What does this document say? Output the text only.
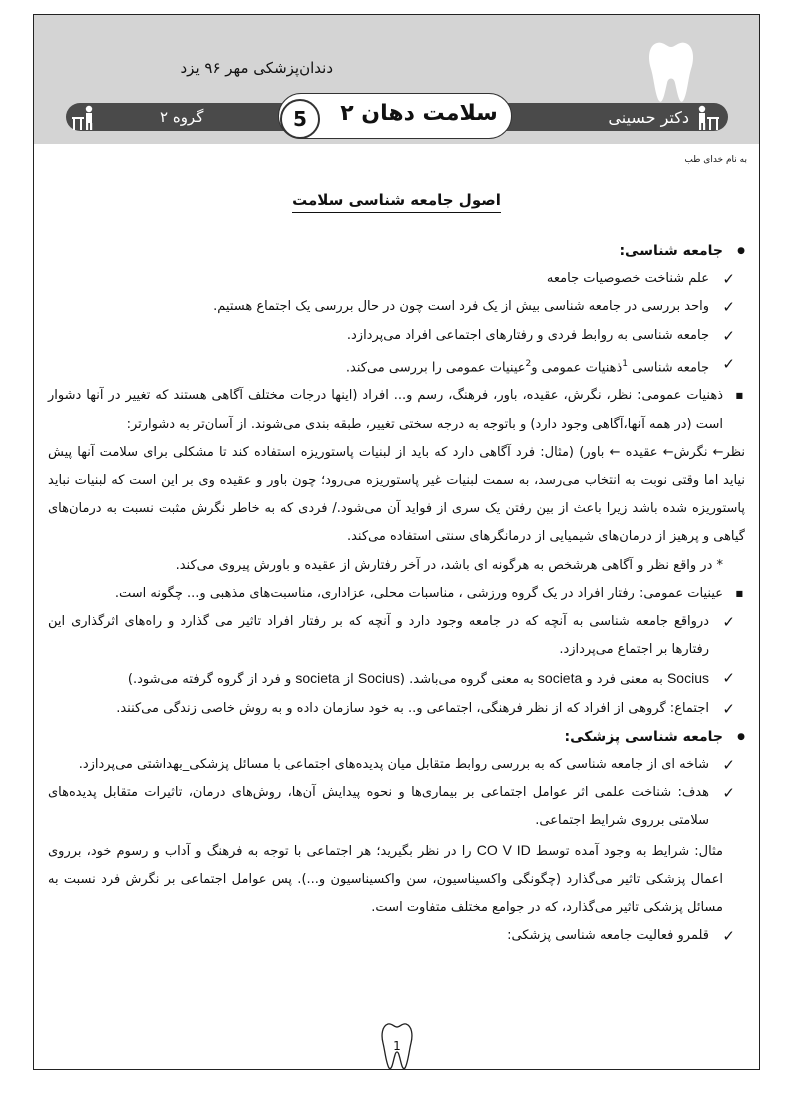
دندان‌پزشکی مهر ۹۶ یزد
دکتر حسینی
گروه ۲	سلامت دهان ۲
5
به نام خدای طب
اصول جامعه شناسی سلامت

● جامعه شناسی:

✓ علم شناخت خصوصیات جامعه

✓ واحد بررسی در جامعه شناسی بیش از یک فرد است چون در حال بررسی یک اجتماع هستیم.

✓ جامعه شناسی به روابط فردی و رفتارهای اجتماعی افراد می‌پردازد.

✓ جامعه شناسی $^1$ذهنیات عمومی و$^2$عینیات عمومی را بررسی می‌کند.

■ ذهنیات عمومی: نظر، نگرش، عقیده، باور، فرهنگ، رسم و... افراد (اینها درجات مختلف آگاهی هستند که تغییر در آنها دشوار است (در همه آنها،آگاهی وجود دارد) و باتوجه به درجه سختی تغییر، طبقه بندی می‌شوند. از آسان‌تر به دشوارتر:

نظر← نگرش← عقیده ← باور) (مثال: فرد آگاهی دارد که باید از لبنیات پاستوریزه استفاده کند تا مشکلی برای سلامت آنها پیش نیاید اما وقتی نوبت به انتخاب می‌رسد، به سمت لبنیات غیر پاستوریزه می‌رود؛ چون باور و عقیده وی بر این است که لبنیات نباید پاستوریزه شده باشد زیرا باعث از بین رفتن یک سری از فواید آن می‌شود./ فردی که به خاطر نگرش مثبت نسبت به درمان‌های گیاهی و پرهیز از درمان‌های شیمیایی از درمانگرهای سنتی استفاده می‌کند.

* در واقع نظر و آگاهی هرشخص به هرگونه ای باشد، در آخر رفتارش از عقیده و باورش پیروی می‌کند.

■ عینیات عمومی: رفتار افراد در یک گروه ورزشی ، مناسبات محلی، عزاداری، مناسبت‌های مذهبی و... چگونه است.

✓ درواقع جامعه شناسی به آنچه که در جامعه وجود دارد و آنچه که بر رفتار افراد تاثیر می گذارد و راه‌های اثرگذاری این رفتارها بر اجتماع می‌پردازد.

✓ Socius به معنی فرد و societa به معنی گروه می‌باشد. (Socius از societa و فرد از گروه گرفته می‌شود.)

✓ اجتماع: گروهی از افراد که از نظر فرهنگی، اجتماعی و.. به خود سازمان داده و به روش خاصی زندگی می‌کنند.

● جامعه شناسی پزشکی:

✓ شاخه ای از جامعه شناسی که به بررسی روابط متقابل میان پدیده‌های اجتماعی با مسائل پزشکی_بهداشتی می‌پردازد.

✓ هدف: شناخت علمی اثر عوامل اجتماعی بر بیماری‌ها و نحوه پیدایش آن‌ها، روش‌های درمان، تاثیرات متقابل پدیده‌های سلامتی برروی شرایط اجتماعی.

مثال: شرایط به وجود آمده توسط CO V ID را در نظر بگیرید؛ هر اجتماعی با توجه به فرهنگ و آداب و رسوم خود، برروی اعمال پزشکی تاثیر می‌گذارد (چگونگی واکسیناسیون، سن واکسیناسیون و...). پس عوامل اجتماعی بر نگرش فرد نسبت به مسائل پزشکی تاثیر می‌گذارد، که در جوامع مختلف متفاوت است.

✓ قلمرو فعالیت جامعه شناسی پزشکی:

1
